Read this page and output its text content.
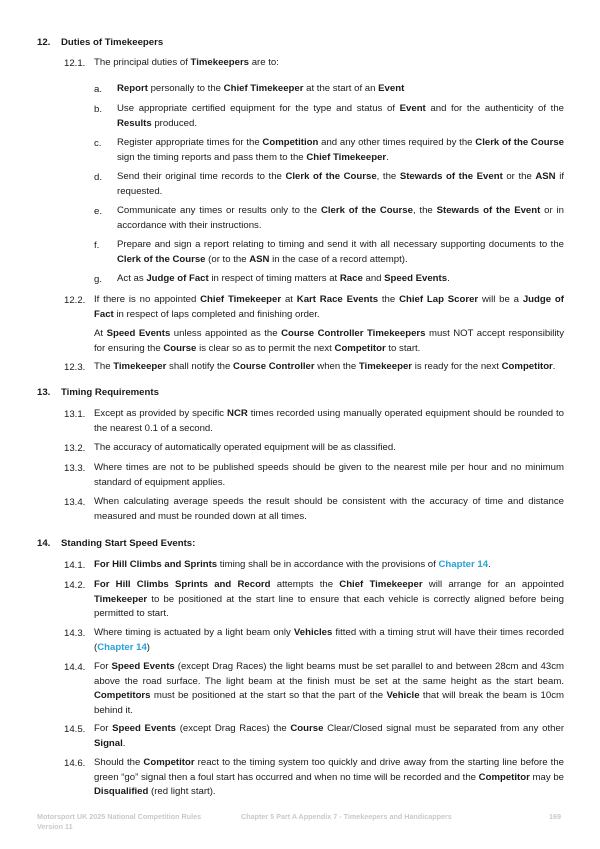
12. Duties of Timekeepers
12.1. The principal duties of Timekeepers are to:
a. Report personally to the Chief Timekeeper at the start of an Event
b. Use appropriate certified equipment for the type and status of Event and for the authenticity of the Results produced.
c. Register appropriate times for the Competition and any other times required by the Clerk of the Course sign the timing reports and pass them to the Chief Timekeeper.
d. Send their original time records to the Clerk of the Course, the Stewards of the Event or the ASN if requested.
e. Communicate any times or results only to the Clerk of the Course, the Stewards of the Event or in accordance with their instructions.
f. Prepare and sign a report relating to timing and send it with all necessary supporting documents to the Clerk of the Course (or to the ASN in the case of a record attempt).
g. Act as Judge of Fact in respect of timing matters at Race and Speed Events.
12.2. If there is no appointed Chief Timekeeper at Kart Race Events the Chief Lap Scorer will be a Judge of Fact in respect of laps completed and finishing order.
At Speed Events unless appointed as the Course Controller Timekeepers must NOT accept responsibility for ensuring the Course is clear so as to permit the next Competitor to start.
12.3. The Timekeeper shall notify the Course Controller when the Timekeeper is ready for the next Competitor.
13. Timing Requirements
13.1. Except as provided by specific NCR times recorded using manually operated equipment should be rounded to the nearest 0.1 of a second.
13.2. The accuracy of automatically operated equipment will be as classified.
13.3. Where times are not to be published speeds should be given to the nearest mile per hour and no minimum standard of equipment applies.
13.4. When calculating average speeds the result should be consistent with the accuracy of time and distance measured and must be rounded down at all times.
14. Standing Start Speed Events:
14.1. For Hill Climbs and Sprints timing shall be in accordance with the provisions of Chapter 14.
14.2. For Hill Climbs Sprints and Record attempts the Chief Timekeeper will arrange for an appointed Timekeeper to be positioned at the start line to ensure that each vehicle is correctly aligned before being permitted to start.
14.3. Where timing is actuated by a light beam only Vehicles fitted with a timing strut will have their times recorded (Chapter 14)
14.4. For Speed Events (except Drag Races) the light beams must be set parallel to and between 28cm and 43cm above the road surface. The light beam at the finish must be set at the same height as the start beam. Competitors must be positioned at the start so that the part of the Vehicle that will break the beam is 10cm behind it.
14.5. For Speed Events (except Drag Races) the Course Clear/Closed signal must be separated from any other Signal.
14.6. Should the Competitor react to the timing system too quickly and drive away from the starting line before the green “go” signal then a foul start has occurred and when no time will be recorded and the Competitor may be Disqualified (red light start).
Motorsport UK 2025 National Competition Rules
Version 11
Chapter 5 Part A Appendix 7 - Timekeepers and Handicappers	169
